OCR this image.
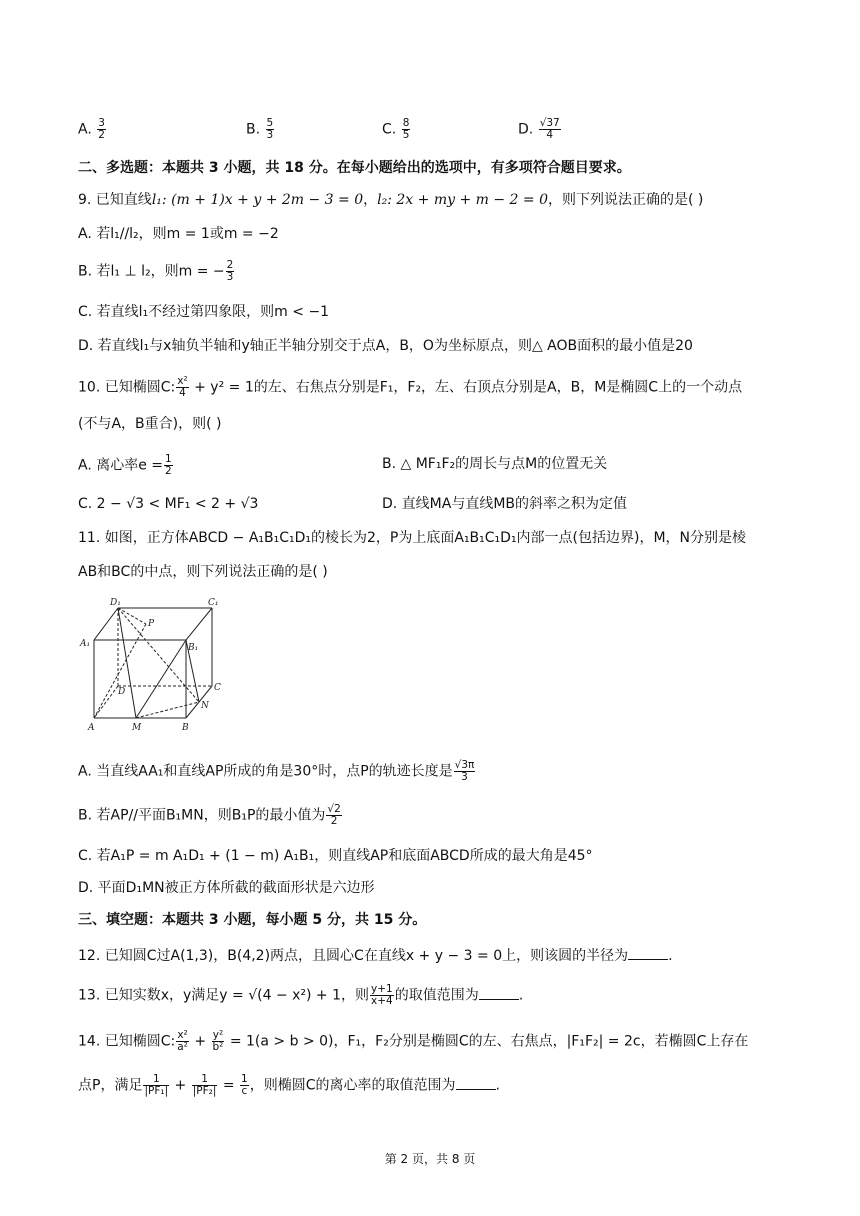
A. $\frac{3}{2}$	B. $\frac{5}{3}$	C. $\frac{8}{5}$	D. $\frac{√37}{4}$
二、多选题：本题共 3 小题，共 18 分。在每小题给出的选项中，有多项符合题目要求。
9. 已知直线l₁: (m + 1)x + y + 2m − 3 = 0，l₂: 2x + my + m − 2 = 0，则下列说法正确的是( )
A. 若l₁//l₂，则m = 1或m = −2
B. 若l₁ ⊥ l₂，则m = − $\frac{2}{3}$
C. 若直线l₁不经过第四象限，则m < −1
D. 若直线l₁与x轴负半轴和y轴正半轴分别交于点A，B，O为坐标原点，则△ AOB面积的最小值是20
10. 已知椭圆C: $\frac{\text{x²}}{4} + y^2 = 1$的左、右焦点分别是F₁，F₂，左、右顶点分别是A，B，M是椭圆C上的一个动点
(不与A，B重合)，则( )
A. 离心率$e = \frac{1}{2}$	B. △ MF₁F₂的周长与点M的位置无关
C. 2 − √3 < MF₁ < 2 + √3	D. 直线MA与直线MB的斜率之积为定值
11. 如图，正方体ABCD − A₁B₁C₁D₁的棱长为2，P为上底面A₁B₁C₁D₁内部一点(包括边界)，M，N分别是棱
AB和BC的中点，则下列说法正确的是( )
D₁	C₁
A₁	B₁
P
D	C
A	M	B
N
A. 当直线AA₁和直线AP所成的角是30°时，点P的轨迹长度是 $\frac{√3\pi}{3}$
B. 若AP//平面B₁MN，则B₁P的最小值为 $\frac{√2}{2}$
C. 若A₁P = m A₁D₁ + (1 − m) A₁B₁，则直线AP和底面ABCD所成的最大角是45°
D. 平面D₁MN被正方体所截的截面形状是六边形
三、填空题：本题共 3 小题，每小题 5 分，共 15 分。
12. 已知圆C过A(1,3)，B(4,2)两点，且圆心C在直线x + y − 3 = 0上，则该圆的半径为	.
13. 已知实数x，y满足y = √(4 − x²) + 1，则 $\frac{y+1}{x+4}$ 的取值范围为	.
14. 已知椭圆C: $\frac{\text{x²}}{\text{a²}} + \frac{\text{y²}}{\text{b²}} = 1(a > b > 0)$，F₁，F₂分别是椭圆C的左、右焦点，|F₁F₂| = 2c，若椭圆C上存在
点P，满足 $\frac{1}{\text{|PF₁|}} + \frac{1}{\text{|PF₂|}} = \frac{1}{c}$ ，则椭圆C的离心率的取值范围为	.
第 2 页，共 8 页
